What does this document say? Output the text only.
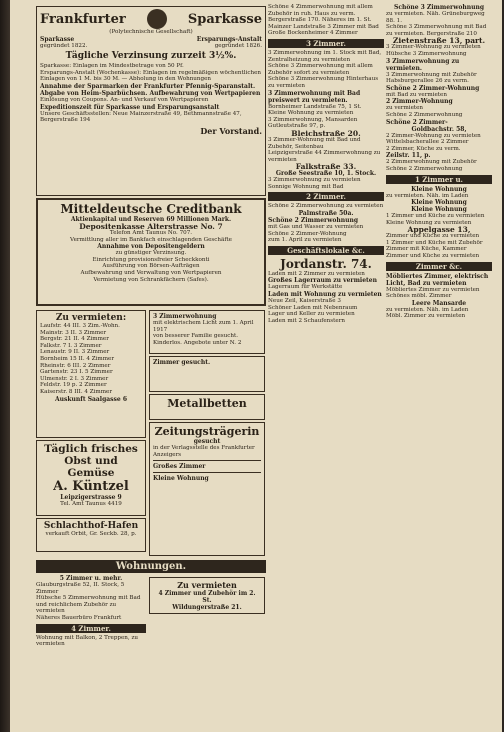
Frankfurter	Sparkasse

(Polytechnische Gesellschaft)

Sparkasse

gegründet 1822.

Ersparungs-Anstalt

gegründet 1826.

Tägliche Verzinsung zurzeit 3½%.

Sparkasse: Einlagen im Mindestbetrage von 50 Pf.

Ersparungs-Anstalt (Wochenkasse): Einlagen im regelmäßigen wöchentlichen

Einlagen von 1 M. bis 30 M. — Abholung in den Wohnungen

Annahme der Sparmarken der Frankfurter Pfennig-Sparanstalt.

Abgabe von Heim-Sparbüchsen. Aufbewahrung von Wertpapieren

Einlösung von Coupons. An- und Verkauf von Wertpapieren

Expeditionszeit für Sparkasse und Ersparungsanstalt

Unsere Geschäftsstellen: Neue Mainzerstraße 49, Bethmannstraße 47, Bergerstraße 194

Der Vorstand.

Mitteldeutsche Creditbank

Aktienkapital und Reserven 69 Millionen Mark.

Depositenkasse Alterstrasse No. 7

Telefon Amt Taunus No. 707.

Vermittlung aller im Bankfach einschlagenden Geschäfte

Annahme von Depositengeldern

zu günstiger Verzinsung.

Einrichtung provisionsfreier Scheckkonti

Ausführung von Börsen-Aufträgen

Aufbewahrung und Verwaltung von Wertpapieren

Vermietung von Schrankfächern (Safes).

Zu vermieten:

Laufstr. 44 III. 3 Zim.-Wohn.

Mainstr. 3 II. 3 Zimmer

Bergstr. 21 II. 4 Zimmer

Falkstr. 7 I. 3 Zimmer

Lenaustr. 9 II. 3 Zimmer

Bornheim 15 II. 4 Zimmer

Rheinstr. 6 III. 2 Zimmer

Gartenstr. 23 I. 5 Zimmer

Ulmenstr. 2 I. 3 Zimmer

Feldstr. 19 p. 2 Zimmer

Kaiserstr. 8 III. 4 Zimmer

Auskunft Saalgasse 6

Täglich frisches

Obst und Gemüse

A. Küntzel

Leipzigerstrasse 9

Tel. Amt Taunus 4419

Schlachthof-Hafen

verkauft Orbit, Gr. Seckb. 28, p.

3 Zimmerwohnung

mit elektrischem Licht zum 1. April 1917

von besserer Familie gesucht.

Kinderlos. Angebote unter N. 2

Zimmer gesucht.

Metallbetten

Zeitungsträgerin

gesucht

in der Verlagsstelle des Frankfurter Anzeigers

Großes Zimmer

Kleine Wohnung

Wohnungen.

5 Zimmer u. mehr.

Glauburgstraße 52, II. Stock, 5 Zimmer

Hübsche 5 Zimmerwohnung mit Bad

und reichlichem Zubehör zu vermieten

Näheres Bauerbüro Frankfurt

4 Zimmer.

Wohnung mit Balkon, 2 Treppen, zu vermieten

Zu vermieten

4 Zimmer und Zubehör im 2. St.

Wildungerstraße 21.

Schöne 4 Zimmerwohnung mit allem Zubehör in ruh. Haus zu verm.

Bergerstraße 170. Näheres im 1. St.

Mainzer Landstraße 3 Zimmer mit Bad

Große Bockenheimer 4 Zimmer

3 Zimmer.

3 Zimmerwohnung im 1. Stock mit Bad, Zentralheizung zu vermieten

Schöne 3 Zimmerwohnung mit allem Zubehör sofort zu vermieten

Schöne 3 Zimmerwohnung Hinterhaus zu vermieten

3 Zimmerwohnung mit Bad preiswert zu vermieten.

Bornheimer Landstraße 75, 1 St.

Kleine Wohnung zu vermieten

3 Zimmerwohnung, Mansarden

Gutleutstraße 97, p.

Bleichstraße 20.

3 Zimmer-Wohnung mit Bad und Zubehör, Seitenbau

Leipzigerstraße 44 Zimmerwohnung zu vermieten

Falkstraße 33.

Große Seestraße 10, 1. Stock.

3 Zimmerwohnung zu vermieten

Sonnige Wohnung mit Bad

2 Zimmer.

Schöne 2 Zimmerwohnung zu vermieten

Palmstraße 50a.

Schöne 2 Zimmerwohnung

mit Gas und Wasser zu vermieten

Schöne 2 Zimmer-Wohnung

zum 1. April zu vermieten

Geschäftslokale &c.

Jordanstr. 74.

Laden mit 2 Zimmer zu vermieten

Großes Lagerraum zu vermieten

Lagerraum für Werkstätte

Laden mit Wohnung zu vermieten

Neue Zeil, Kaiserstraße 3

Schöner Laden mit Nebenraum

Lager und Keller zu vermieten

Laden mit 2 Schaufenstern

Schöne 3 Zimmerwohnung

zu vermieten. Näh. Grüneburgweg 88. 1.

Schöne 3 Zimmerwohnung mit Bad

zu vermieten. Bergerstraße 210

Zietenstraße 13, part.

3 Zimmer-Wohnung zu vermieten

Hübsche 3 Zimmerwohnung

3 Zimmerwohnung zu vermieten.

3 Zimmerwohnung mit Zubehör

Habsburgerallee 26 zu verm.

Schöne 2 Zimmer-Wohnung

mit Bad zu vermieten

2 Zimmer-Wohnung

zu vermieten

Schöne 2 Zimmerwohnung

Schöne 2 Zimmer-

Goldbachstr. 58,

2 Zimmer-Wohnung zu vermieten

Wittelsbacherallee 2 Zimmer

2 Zimmer, Küche zu verm.

Zeilstr. 11, p.

2 Zimmerwohnung mit Zubehör

Schöne 2 Zimmerwohnung

1 Zimmer u.

Kleine Wohnung

zu vermieten. Näh. im Laden

Kleine Wohnung

Kleine Wohnung

1 Zimmer und Küche zu vermieten

Kleine Wohnung zu vermieten

Appelgasse 13,

Zimmer und Küche zu vermieten

1 Zimmer und Küche mit Zubehör

Zimmer mit Küche, Kammer

Zimmer und Küche zu vermieten

Zimmer &c.

Möbliertes Zimmer, elektrisch Licht, Bad zu vermieten

Möbliertes Zimmer zu vermieten

Schönes möbl. Zimmer

Leere Mansarde

zu vermieten. Näh. im Laden

Möbl. Zimmer zu vermieten
